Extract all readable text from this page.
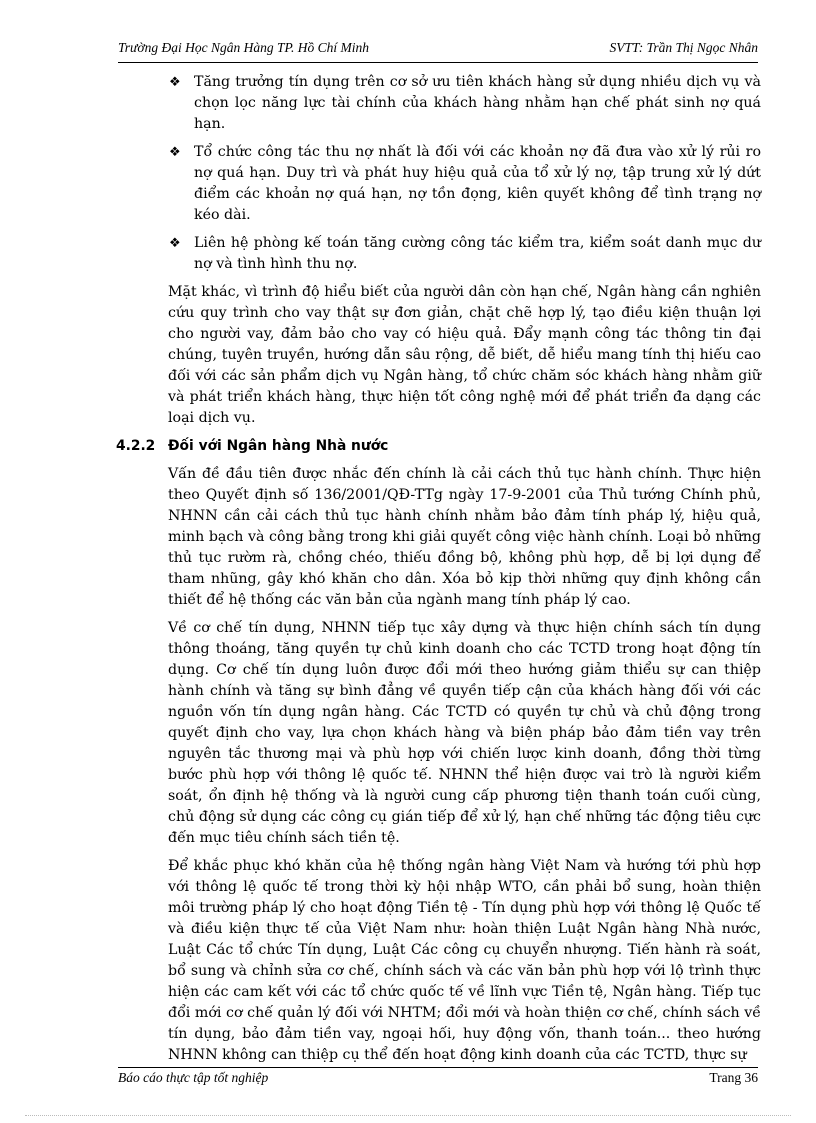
Trường Đại Học Ngân Hàng TP. Hồ Chí Minh	SVTT: Trần Thị Ngọc Nhân
❖ Tăng trưởng tín dụng trên cơ sở ưu tiên khách hàng sử dụng nhiều dịch vụ và chọn lọc năng lực tài chính của khách hàng nhằm hạn chế phát sinh nợ quá hạn.
❖ Tổ chức công tác thu nợ nhất là đối với các khoản nợ đã đưa vào xử lý rủi ro nợ quá hạn. Duy trì và phát huy hiệu quả của tổ xử lý nợ, tập trung xử lý dứt điểm các khoản nợ quá hạn, nợ tồn đọng, kiên quyết không để tình trạng nợ kéo dài.
❖ Liên hệ phòng kế toán tăng cường công tác kiểm tra, kiểm soát danh mục dư nợ và tình hình thu nợ.

Mặt khác, vì trình độ hiểu biết của người dân còn hạn chế, Ngân hàng cần nghiên cứu quy trình cho vay thật sự đơn giản, chặt chẽ hợp lý, tạo điều kiện thuận lợi cho người vay, đảm bảo cho vay có hiệu quả. Đẩy mạnh công tác thông tin đại chúng, tuyên truyền, hướng dẫn sâu rộng, dễ biết, dễ hiểu mang tính thị hiếu cao đối với các sản phẩm dịch vụ Ngân hàng, tổ chức chăm sóc khách hàng nhằm giữ và phát triển khách hàng, thực hiện tốt công nghệ mới để phát triển đa dạng các loại dịch vụ.

4.2.2 Đối với Ngân hàng Nhà nước

Vấn đề đầu tiên được nhắc đến chính là cải cách thủ tục hành chính. Thực hiện theo Quyết định số 136/2001/QĐ-TTg ngày 17-9-2001 của Thủ tướng Chính phủ, NHNN cần cải cách thủ tục hành chính nhằm bảo đảm tính pháp lý, hiệu quả, minh bạch và công bằng trong khi giải quyết công việc hành chính. Loại bỏ những thủ tục rườm rà, chồng chéo, thiếu đồng bộ, không phù hợp, dễ bị lợi dụng để tham nhũng, gây khó khăn cho dân. Xóa bỏ kịp thời những quy định không cần thiết để hệ thống các văn bản của ngành mang tính pháp lý cao.

Về cơ chế tín dụng, NHNN tiếp tục xây dựng và thực hiện chính sách tín dụng thông thoáng, tăng quyền tự chủ kinh doanh cho các TCTD trong hoạt động tín dụng. Cơ chế tín dụng luôn được đổi mới theo hướng giảm thiểu sự can thiệp hành chính và tăng sự bình đẳng về quyền tiếp cận của khách hàng đối với các nguồn vốn tín dụng ngân hàng. Các TCTD có quyền tự chủ và chủ động trong quyết định cho vay, lựa chọn khách hàng và biện pháp bảo đảm tiền vay trên nguyên tắc thương mại và phù hợp với chiến lược kinh doanh, đồng thời từng bước phù hợp với thông lệ quốc tế. NHNN thể hiện được vai trò là người kiểm soát, ổn định hệ thống và là người cung cấp phương tiện thanh toán cuối cùng, chủ động sử dụng các công cụ gián tiếp để xử lý, hạn chế những tác động tiêu cực đến mục tiêu chính sách tiền tệ.

Để khắc phục khó khăn của hệ thống ngân hàng Việt Nam và hướng tới phù hợp với thông lệ quốc tế trong thời kỳ hội nhập WTO, cần phải bổ sung, hoàn thiện môi trường pháp lý cho hoạt động Tiền tệ - Tín dụng phù hợp với thông lệ Quốc tế và điều kiện thực tế của Việt Nam như: hoàn thiện Luật Ngân hàng Nhà nước, Luật Các tổ chức Tín dụng, Luật Các công cụ chuyển nhượng. Tiến hành rà soát, bổ sung và chỉnh sửa cơ chế, chính sách và các văn bản phù hợp với lộ trình thực hiện các cam kết với các tổ chức quốc tế về lĩnh vực Tiền tệ, Ngân hàng. Tiếp tục đổi mới cơ chế quản lý đối với NHTM; đổi mới và hoàn thiện cơ chế, chính sách về tín dụng, bảo đảm tiền vay, ngoại hối, huy động vốn, thanh toán... theo hướng NHNN không can thiệp cụ thể đến hoạt động kinh doanh của các TCTD, thực sự

Báo cáo thực tập tốt nghiệp	Trang 36
